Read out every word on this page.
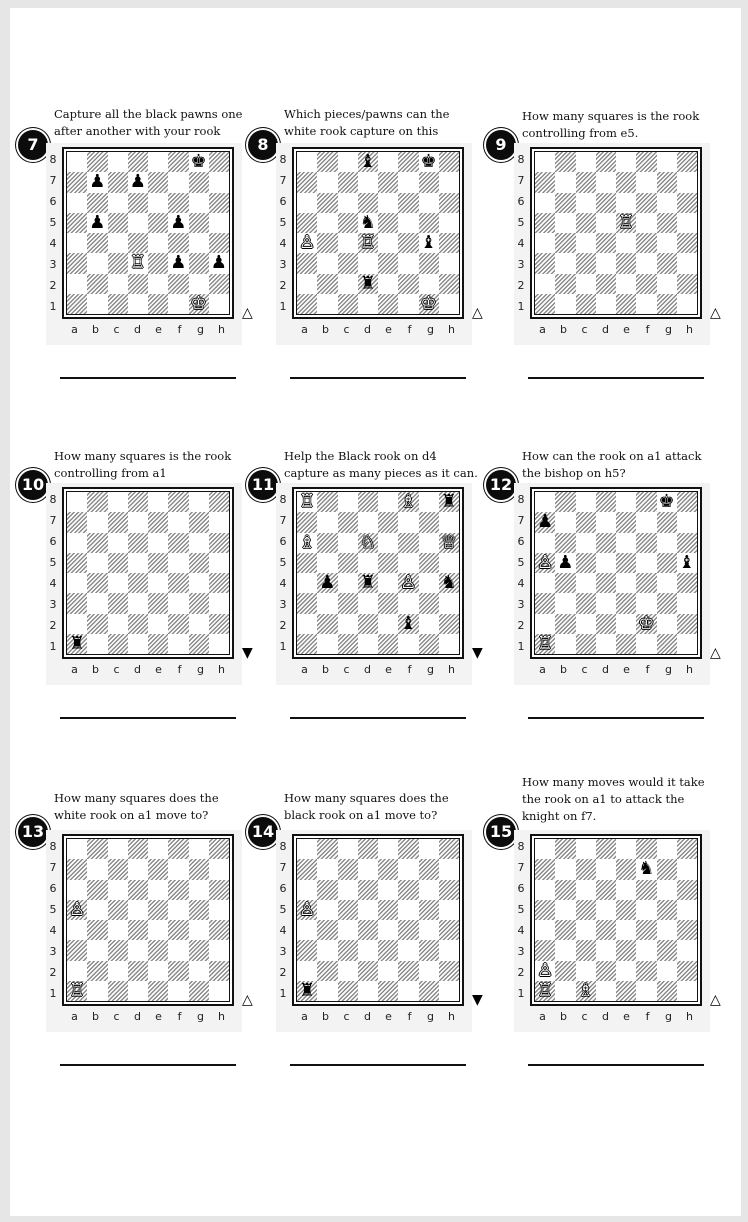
Capture all the black pawns one after another with your rook

7
8
7
6
5
4
3
2
1
♚
♟ ♟
♟	♟
♖ ♟ ♟
♔
a	b	c	d	e	f	g	h
△

Which pieces/pawns can the white rook capture on this

8
8
7
6
5
4
3
2
1
♝ ♚
♞
♙ ♖ ♝
♜
♔
a	b	c	d	e	f	g	h
△

How many squares is the rook controlling from e5.

9
8
7
6
5
4
3
2
1
♖
a	b	c	d	e	f	g	h
△

How many squares is the rook controlling from a1

10
8
7
6
5
4
3
2
1 ♜
a	b	c	d	e	f	g	h
▼

Help the Black rook on d4 capture as many pieces as it can.

11
8
7
6
5
4
3
2
1
♖	♗ ♜
♗ ♘	♕
♟ ♜ ♙ ♞
♝
a	b	c	d	e	f	g	h
▼

How can the rook on a1 attack the bishop on h5?

12
8
7
6
5
4
3
2
1
♚
♟
♙ ♟	♝
♔
♖
a	b	c	d	e	f	g	h
△

How many squares does the white rook on a1 move to?

13
8
7
6
5
4
3
2
1
♙
♖
a	b	c	d	e	f	g	h
△

How many squares does the black rook on a1 move to?

14
8
7
6
5
4
3
2
1
♙
♜
a	b	c	d	e	f	g	h
▼

How many moves would it take the rook on a1 to attack the knight on f7.

15
8
7
6
5
4
3
2
1
♞
♙
♖ ♗
a	b	c	d	e	f	g	h
△
